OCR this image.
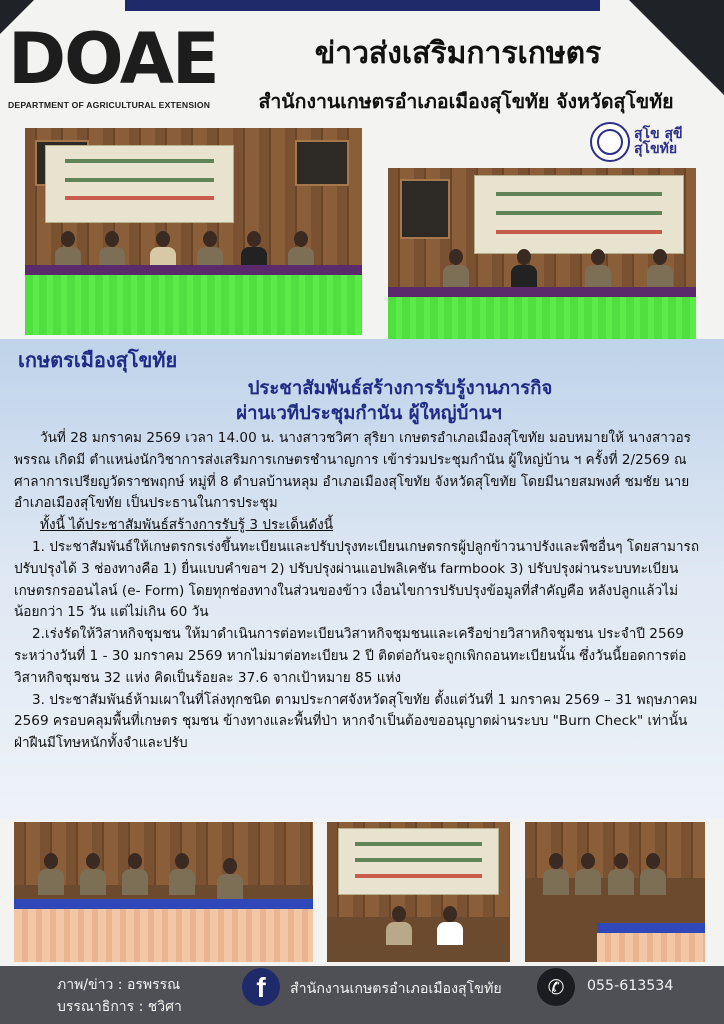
DOAE
DEPARTMENT OF AGRICULTURAL EXTENSION
ข่าวส่งเสริมการเกษตร
สำนักงานเกษตรอำเภอเมืองสุโขทัย จังหวัดสุโขทัย
สุโข สุขี
สุโขทัย
เกษตรเมืองสุโขทัย
ประชาสัมพันธ์สร้างการรับรู้งานภารกิจ
ผ่านเวทีประชุมกำนัน ผู้ใหญ่บ้านฯ

วันที่ 28 มกราคม 2569 เวลา 14.00 น. นางสาวชวิศา สุริยา เกษตรอำเภอเมืองสุโขทัย มอบหมายให้ นางสาวอรพรรณ เกิดมี ตำแหน่งนักวิชาการส่งเสริมการเกษตรชำนาญการ เข้าร่วมประชุมกำนัน ผู้ใหญ่บ้าน ฯ ครั้งที่ 2/2569 ณ ศาลาการเปรียญวัดราชพฤกษ์ หมู่ที่ 8 ตำบลบ้านหลุม อำเภอเมืองสุโขทัย จังหวัดสุโขทัย โดยมีนายสมพงศ์ ชมชัย นายอำเภอเมืองสุโขทัย เป็นประธานในการประชุม

ทั้งนี้ ได้ประชาสัมพันธ์สร้างการรับรู้ 3 ประเด็นดังนี้

1. ประชาสัมพันธ์ให้เกษตรกรเร่งขึ้นทะเบียนและปรับปรุงทะเบียนเกษตรกรผู้ปลูกข้าวนาปรังและพืชอื่นๆ โดยสามารถปรับปรุงได้ 3 ช่องทางคือ 1) ยื่นแบบคำขอฯ 2) ปรับปรุงผ่านแอปพลิเคชัน farmbook 3) ปรับปรุงผ่านระบบทะเบียนเกษตรกรออนไลน์ (e- Form) โดยทุกช่องทางในส่วนของข้าว เงื่อนไขการปรับปรุงข้อมูลที่สำคัญคือ หลังปลูกแล้วไม่ น้อยกว่า 15 วัน แต่ไม่เกิน 60 วัน

2.เร่งรัดให้วิสาหกิจชุมชน ให้มาดำเนินการต่อทะเบียนวิสาหกิจชุมชนและเครือข่ายวิสาหกิจชุมชน ประจำปี 2569 ระหว่างวันที่ 1 - 30 มกราคม 2569 หากไม่มาต่อทะเบียน 2 ปี ติดต่อกันจะถูกเพิกถอนทะเบียนนั้น ซึ่งวันนี้ยอดการต่อวิสาหกิจชุมชน 32 แห่ง คิดเป็นร้อยละ 37.6 จากเป้าหมาย 85 แห่ง

3. ประชาสัมพันธ์ห้ามเผาในที่โล่งทุกชนิด ตามประกาศจังหวัดสุโขทัย ตั้งแต่วันที่ 1 มกราคม 2569 – 31 พฤษภาคม 2569 ครอบคลุมพื้นที่เกษตร ชุมชน ข้างทางและพื้นที่ป่า หากจำเป็นต้องขออนุญาตผ่านระบบ "Burn Check" เท่านั้น ฝ่าฝืนมีโทษหนักทั้งจำและปรับ

ภาพ/ข่าว : อรพรรณ
บรรณาธิการ : ชวิศา
f	สำนักงานเกษตรอำเภอเมืองสุโขทัย	✆	055-613534
